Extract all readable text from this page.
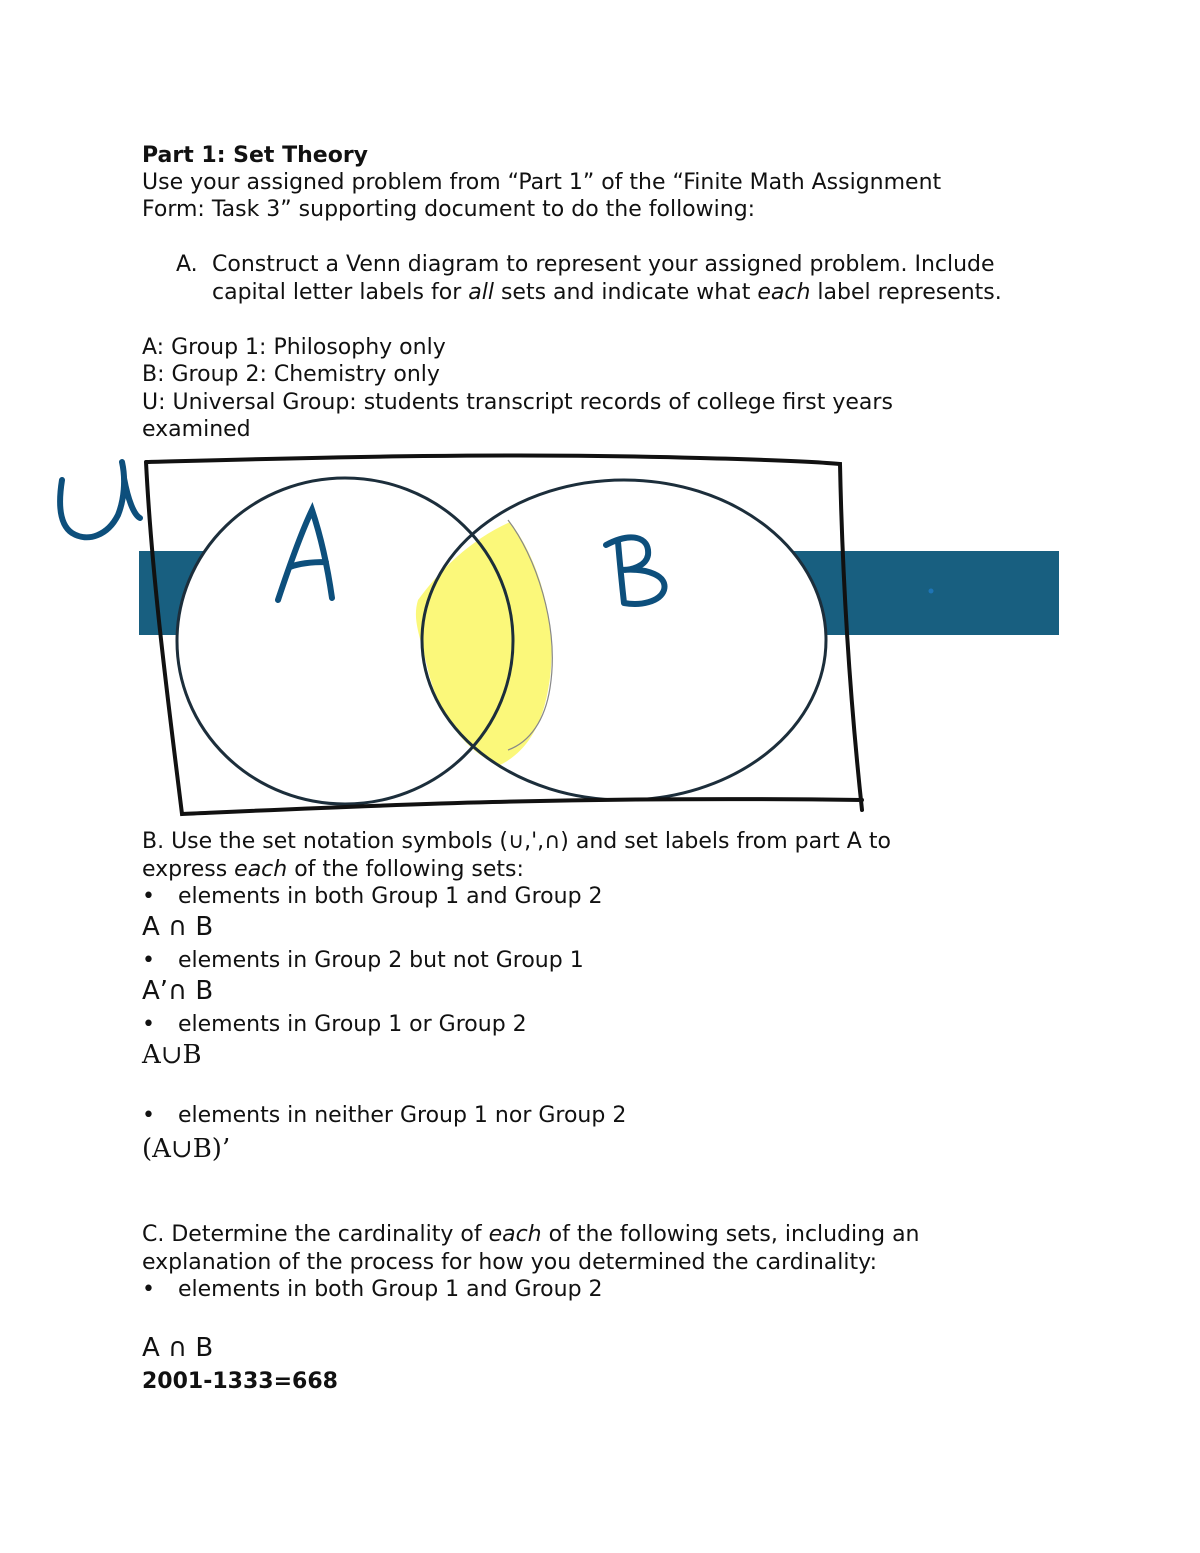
Part 1: Set Theory
Use your assigned problem from “Part 1” of the “Finite Math Assignment
Form: Task 3” supporting document to do the following:
A. Construct a Venn diagram to represent your assigned problem. Include
capital letter labels for all sets and indicate what each label represents.
A: Group 1: Philosophy only
B: Group 2: Chemistry only
U: Universal Group: students transcript records of college first years
examined
B. Use the set notation symbols (∪,',∩) and set labels from part A to
express each of the following sets:
• elements in both Group 1 and Group 2
A ∩ B
• elements in Group 2 but not Group 1
A’∩ B
• elements in Group 1 or Group 2
A∪B
• elements in neither Group 1 nor Group 2
(A∪B)’
C. Determine the cardinality of each of the following sets, including an
explanation of the process for how you determined the cardinality:
• elements in both Group 1 and Group 2
A ∩ B
2001-1333=668
